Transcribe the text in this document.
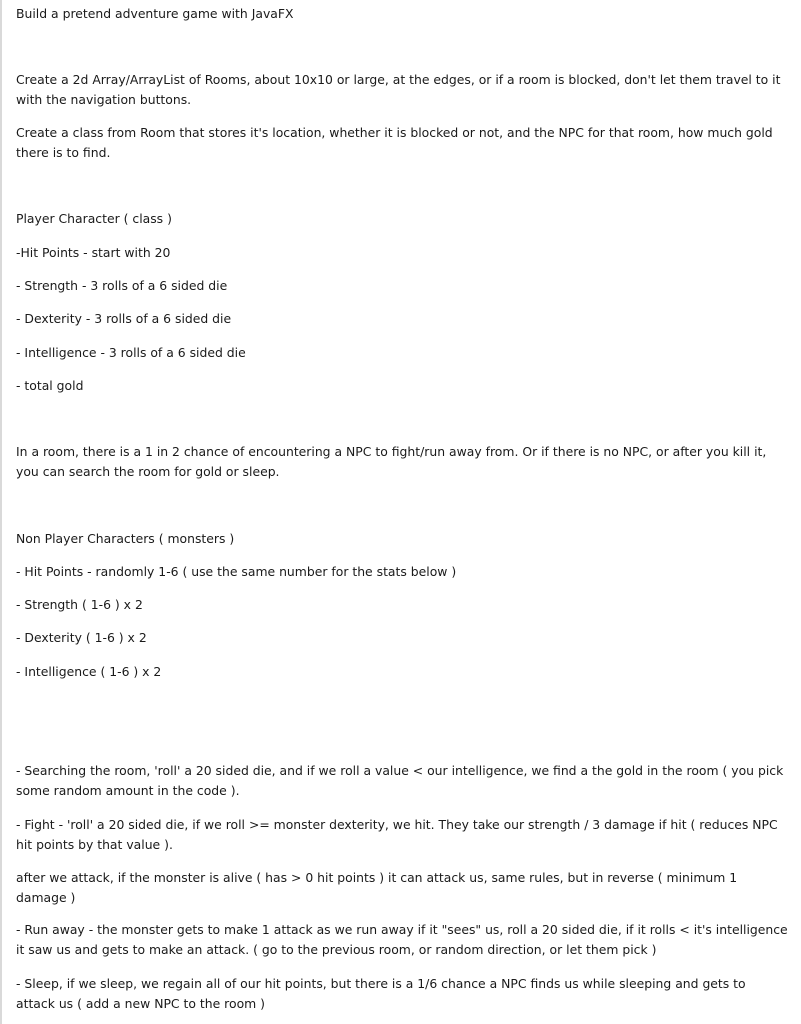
Build a pretend adventure game with JavaFX
Create a 2d Array/ArrayList of Rooms, about 10x10 or large, at the edges, or if a room is blocked, don't let them travel to it with the navigation buttons.
Create a class from Room that stores it's location, whether it is blocked or not, and the NPC for that room, how much gold there is to find.
Player Character ( class )
-Hit Points - start with 20
- Strength - 3 rolls of a 6 sided die
- Dexterity - 3 rolls of a 6 sided die
- Intelligence - 3 rolls of a 6 sided die
- total gold
In a room, there is a 1 in 2 chance of encountering a NPC to fight/run away from. Or if there is no NPC, or after you kill it, you can search the room for gold or sleep.
Non Player Characters ( monsters )
- Hit Points - randomly 1-6 ( use the same number for the stats below )
- Strength ( 1-6 ) x 2
- Dexterity ( 1-6 ) x 2
- Intelligence ( 1-6 ) x 2
- Searching the room, 'roll' a 20 sided die, and if we roll a value < our intelligence, we find a the gold in the room ( you pick some random amount in the code ).
- Fight - 'roll' a 20 sided die, if we roll >= monster dexterity, we hit. They take our strength / 3 damage if hit ( reduces NPC hit points by that value ).
after we attack, if the monster is alive ( has > 0 hit points ) it can attack us, same rules, but in reverse ( minimum 1 damage )
- Run away - the monster gets to make 1 attack as we run away if it "sees" us, roll a 20 sided die, if it rolls < it's intelligence it saw us and gets to make an attack. ( go to the previous room, or random direction, or let them pick )
- Sleep, if we sleep, we regain all of our hit points, but there is a 1/6 chance a NPC finds us while sleeping and gets to attack us ( add a new NPC to the room )
